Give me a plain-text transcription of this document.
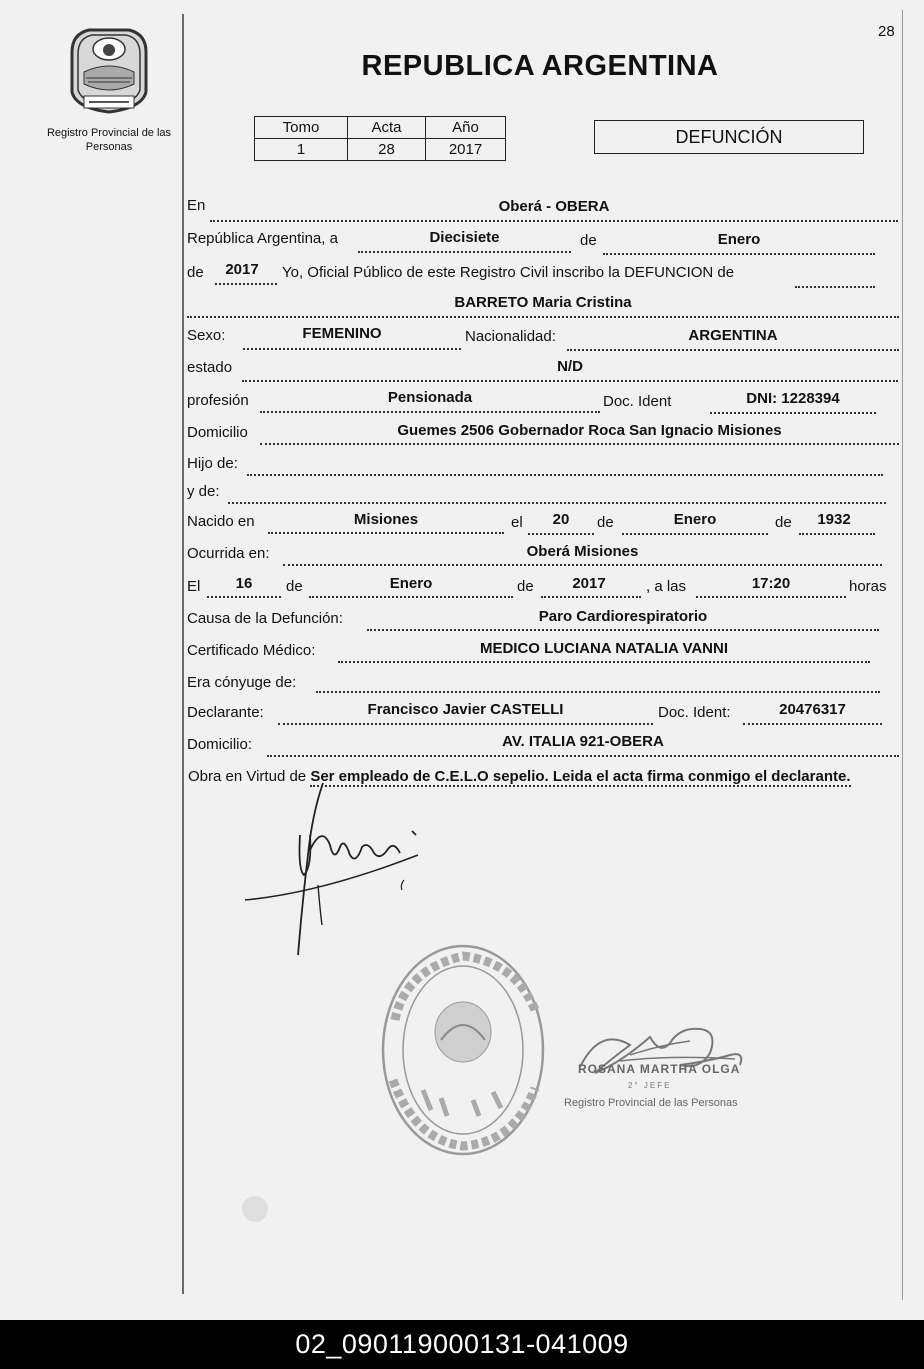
28
Registro Provincial de las Personas
REPUBLICA ARGENTINA
Tomo	Acta	Año
1	28	2017
DEFUNCIÓN
En	Oberá - OBERA
República Argentina, a	Diecisiete	de	Enero
de	2017	Yo, Oficial Público de este Registro Civil inscribo la DEFUNCION de
BARRETO Maria Cristina
Sexo:	FEMENINO	Nacionalidad:	ARGENTINA
estado	N/D
profesión	Pensionada	Doc. Ident	DNI: 1228394
Domicilio	Guemes 2506 Gobernador Roca San Ignacio Misiones
Hijo de:
y de:
Nacido en	Misiones	el	20	de	Enero	de	1932
Ocurrida en:	Oberá Misiones
El	16	de	Enero	de	2017	, a las	17:20	horas
Causa de la Defunción:	Paro Cardiorespiratorio
Certificado Médico:	MEDICO LUCIANA NATALIA VANNI
Era cónyuge de:
Declarante:	Francisco Javier CASTELLI	Doc. Ident:	20476317
Domicilio:	AV. ITALIA 921-OBERA
Obra en Virtud de Ser empleado de C.E.L.O sepelio. Leida el acta firma conmigo el declarante.
ROSANA MARTHA OLGA
2° JEFE
Registro Provincial de las Personas
02_090119000131-041009
